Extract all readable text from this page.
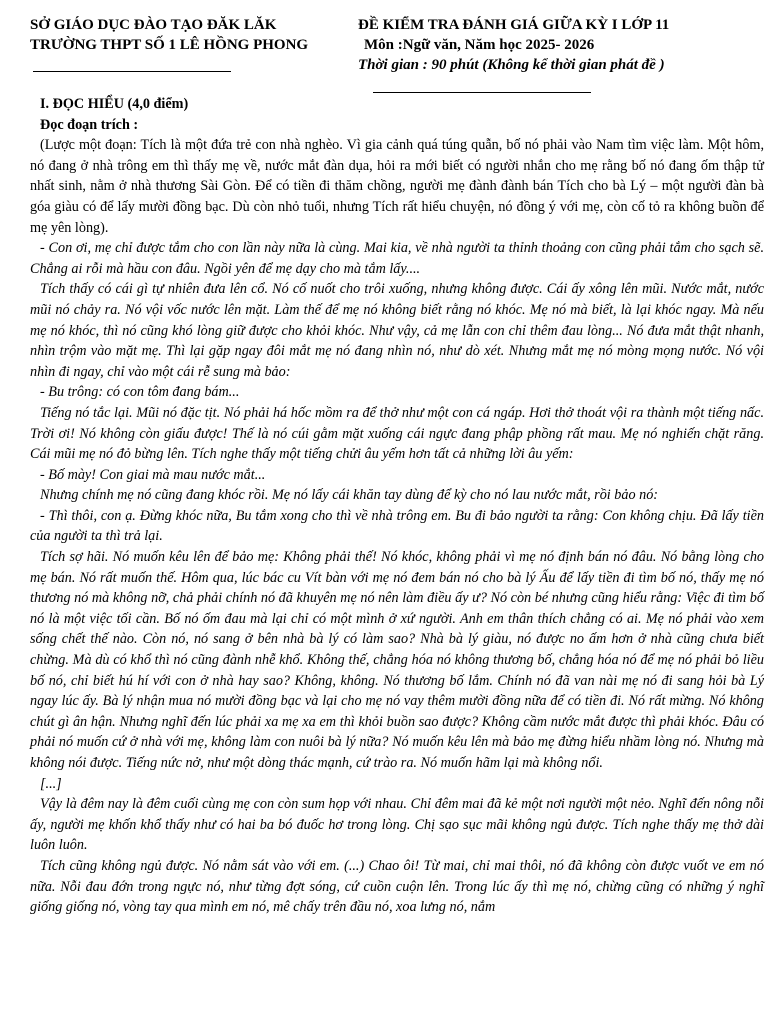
SỞ GIÁO DỤC ĐÀO TẠO ĐĂK LĂK
TRƯỜNG THPT SỐ 1 LÊ HỒNG PHONG
ĐỀ KIỂM TRA ĐÁNH GIÁ GIỮA KỲ I LỚP 11
Môn :Ngữ văn, Năm học 2025- 2026
Thời gian : 90 phút (Không kể thời gian phát đề )
I. ĐỌC HIỂU (4,0 điểm)
Đọc đoạn trích :

(Lược một đoạn: Tích là một đứa trẻ con nhà nghèo. Vì gia cảnh quá túng quẫn, bố nó phải vào Nam tìm việc làm. Một hôm, nó đang ở nhà trông em thì thấy mẹ về, nước mắt đàn dụa, hỏi ra mới biết có người nhắn cho mẹ rằng bố nó đang ốm thập tử nhất sinh, nằm ở nhà thương Sài Gòn. Để có tiền đi thăm chồng, người mẹ đành đành bán Tích cho bà Lý – một người đàn bà góa giàu có để lấy mười đồng bạc. Dù còn nhỏ tuổi, nhưng Tích rất hiểu chuyện, nó đồng ý với mẹ, còn cố tỏ ra không buồn để mẹ yên lòng).

- Con ơi, mẹ chỉ được tắm cho con lần này nữa là cùng. Mai kia, về nhà người ta thỉnh thoảng con cũng phải tắm cho sạch sẽ. Chẳng ai rỗi mà hầu con đâu. Ngồi yên để mẹ dạy cho mà tắm lấy....

Tích thấy có cái gì tự nhiên đưa lên cổ. Nó cố nuốt cho trôi xuống, nhưng không được. Cái ấy xông lên mũi. Nước mắt, nước mũi nó chảy ra. Nó vội vốc nước lên mặt. Làm thế để mẹ nó không biết rằng nó khóc. Mẹ nó mà biết, là lại khóc ngay. Mà nếu mẹ nó khóc, thì nó cũng khó lòng giữ được cho khỏi khóc. Như vậy, cả mẹ lẫn con chỉ thêm đau lòng... Nó đưa mắt thật nhanh, nhìn trộm vào mặt mẹ. Thì lại gặp ngay đôi mắt mẹ nó đang nhìn nó, như dò xét. Nhưng mắt mẹ nó mòng mọng nước. Nó vội nhìn đi ngay, chỉ vào một cái rễ sung mà bảo:

- Bu trông: có con tôm đang bám...

Tiếng nó tắc lại. Mũi nó đặc tịt. Nó phải há hốc mồm ra để thở như một con cá ngáp. Hơi thở thoát vội ra thành một tiếng nấc. Trời ơi! Nó không còn giấu được! Thế là nó cúi gằm mặt xuống cái ngực đang phập phồng rất mau. Mẹ nó nghiến chặt răng. Cái mũi mẹ nó đỏ bừng lên. Tích nghe thấy một tiếng chửi âu yếm hơn tất cả những lời âu yếm:

- Bố mày! Con giai mà mau nước mắt...

Nhưng chính mẹ nó cũng đang khóc rồi. Mẹ nó lấy cái khăn tay dùng để kỳ cho nó lau nước mắt, rồi bảo nó:

- Thì thôi, con ạ. Đừng khóc nữa, Bu tắm xong cho thì về nhà trông em. Bu đi bảo người ta rằng: Con không chịu. Đã lấy tiền của người ta thì trả lại.

Tích sợ hãi. Nó muốn kêu lên để bảo mẹ: Không phải thế! Nó khóc, không phải vì mẹ nó định bán nó đâu. Nó bằng lòng cho mẹ bán. Nó rất muốn thế. Hôm qua, lúc bác cu Vít bàn với mẹ nó đem bán nó cho bà lý Ấu để lấy tiền đi tìm bố nó, thấy mẹ nó thương nó mà không nỡ, chả phải chính nó đã khuyên mẹ nó nên làm điều ấy ư? Nó còn bé nhưng cũng hiểu rằng: Việc đi tìm bố nó là một việc tối cần. Bố nó ốm đau mà lại chỉ có một mình ở xứ người. Anh em thân thích chẳng có ai. Mẹ nó phải vào xem sống chết thế nào. Còn nó, nó sang ở bên nhà bà lý có làm sao? Nhà bà lý giàu, nó được no ấm hơn ở nhà cũng chưa biết chừng. Mà dù có khổ thì nó cũng đành nhễ khổ. Không thế, chẳng hóa nó không thương bố, chẳng hóa nó để mẹ nó phải bỏ liều bố nó, chỉ biết hú hí với con ở nhà hay sao? Không, không. Nó thương bố lắm. Chính nó đã van nài mẹ nó đi sang hỏi bà Lý ngay lúc ấy. Bà lý nhận mua nó mười đồng bạc và lại cho mẹ nó vay thêm mười đồng nữa để có tiền đi. Nó rất mừng. Nó không chút gì ân hận. Nhưng nghĩ đến lúc phải xa mẹ xa em thì khỏi buồn sao được? Không cầm nước mắt được thì phải khóc. Đâu có phải nó muốn cứ ở nhà với mẹ, không làm con nuôi bà lý nữa? Nó muốn kêu lên mà bảo mẹ đừng hiểu nhầm lòng nó. Nhưng mà không nói được. Tiếng nức nở, như một dòng thác mạnh, cứ trào ra. Nó muốn hãm lại mà không nổi.

[...]

Vậy là đêm nay là đêm cuối cùng mẹ con còn sum họp với nhau. Chỉ đêm mai đã kẻ một nơi người một nẻo. Nghĩ đến nông nỗi ấy, người mẹ khốn khổ thấy như có hai ba bó đuốc hơ trong lòng. Chị sạo sục mãi không ngủ được. Tích nghe thấy mẹ thở dài luôn luôn.

Tích cũng không ngủ được. Nó nằm sát vào với em. (...) Chao ôi! Từ mai, chỉ mai thôi, nó đã không còn được vuốt ve em nó nữa. Nỗi đau đớn trong ngực nó, như từng đợt sóng, cứ cuồn cuộn lên. Trong lúc ấy thì mẹ nó, chừng cũng có những ý nghĩ giống giống nó, vòng tay qua mình em nó, mê chấy trên đầu nó, xoa lưng nó, nắm
